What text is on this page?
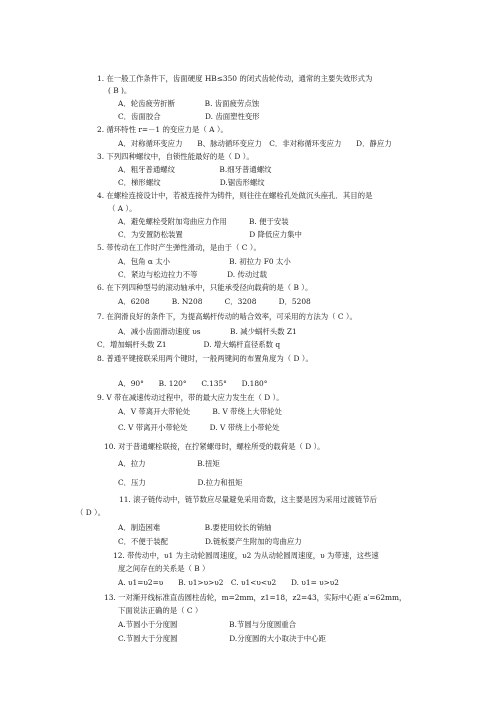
1. 在一般工作条件下，齿面硬度 HB≤350 的闭式齿轮传动，通常的主要失效形式为
( B )。
A．轮齿疲劳折断　　　　B. 齿面疲劳点蚀
C．齿面胶合　　　　　　D. 齿面塑性变形
2. 循环特性 r=－1 的变应力是（ A ）。
A．对称循环变应力　　B、脉动循环变应力　C．非对称循环变应力　　D．静应力
3. 下列四种螺纹中，自锁性能最好的是（ D ）。
A．粗牙普通螺纹　　　　　　B.细牙普通螺纹
C．梯形螺纹　　　　　　　　D.锯齿形螺纹
4. 在螺栓连接设计中，若被连接件为铸件，则往往在螺栓孔处做沉头座孔．其目的是
（ A ）。
A．避免螺栓受附加弯曲应力作用　　　B. 便于安装
C．为安置防松装置　　　　　　　　　D 降低应力集中
5. 带传动在工作时产生弹性滑动，是由于（ C ）。
A．包角 α 太小　　　　　　　　B. 初拉力 F0 太小
C．紧边与松边拉力不等　　　　D. 传动过载
6. 在下列四种型号的滚动轴承中，只能承受径向载荷的是（ B ）。
A．6208　　　B. N208　　　C．3208　　　D．5208
7. 在润滑良好的条件下，为提高蜗杆传动的啮合效率，可采用的方法为（ C ）。
A．减小齿面滑动速度 υs　　　　B. 减少蜗杆头数 Z1
C．增加蜗杆头数 Z1　　　　　D. 增大蜗杆直径系数 q
8. 普通平键接联采用两个键时，一般两键间的布置角度为（ D ）。
A．90°　　B. 120°　　C.135°　　D.180°
9. V 带在减速传动过程中，带的最大应力发生在（ D ）。
A．V 带离开大带轮处　　　B. V 带绕上大带轮处
C. V 带离开小带轮处　　　D. V 带绕上小带轮处
10. 对于普通螺栓联接，在拧紧螺母时，螺栓所受的载荷是（ D ）。
A．拉力　　　　　　　B.扭矩
C．压力　　　　　　　D.拉力和扭矩
11. 滚子链传动中，链节数应尽量避免采用奇数，这主要是因为采用过渡链节后
（ D ）。
A．制造困难　　　　　　B.要使用较长的销轴
C．不便于装配　　　　　D.链板要产生附加的弯曲应力
12. 带传动中，υ1 为主动轮圆周速度，υ2 为从动轮圆周速度，υ 为带速，这些速
度之间存在的关系是（ B ）
A. υ1=υ2=υ　　B. υ1>υ>υ2　C. υ1<υ<υ2　　D. υ1= υ>υ2
13. 一对渐开线标准直齿圆柱齿轮，m=2mm，z1=18，z2=43，实际中心距 a′=62mm，
下面说法正确的是（ C ）
A.节圆小于分度圆　　　　　　　B.节圆与分度圆重合
C.节圆大于分度圆　　　　　　　D.分度圆的大小取决于中心距
